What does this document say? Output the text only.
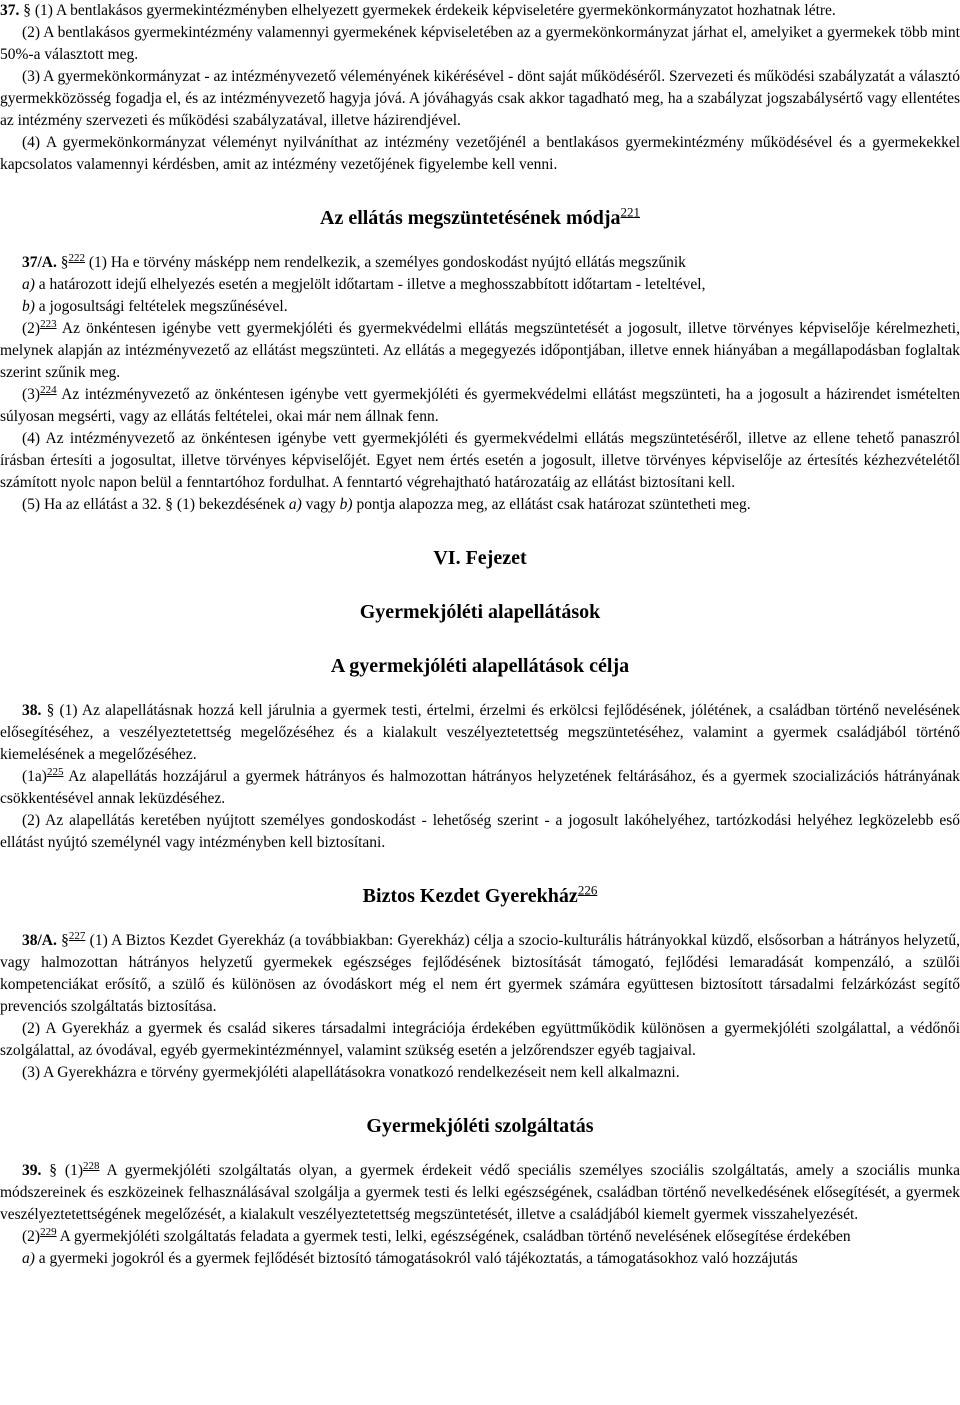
37. § (1) A bentlakásos gyermekintézményben elhelyezett gyermekek érdekeik képviseletére gyermekönkormányzatot hozhatnak létre.

(2) A bentlakásos gyermekintézmény valamennyi gyermekének képviseletében az a gyermekönkormányzat járhat el, amelyiket a gyermekek több mint 50%-a választott meg.

(3) A gyermekönkormányzat - az intézményvezető véleményének kikérésével - dönt saját működéséről. Szervezeti és működési szabályzatát a választó gyermekközösség fogadja el, és az intézményvezető hagyja jóvá. A jóváhagyás csak akkor tagadható meg, ha a szabályzat jogszabálysértő vagy ellentétes az intézmény szervezeti és működési szabályzatával, illetve házirendjével.

(4) A gyermekönkormányzat véleményt nyilváníthat az intézmény vezetőjénél a bentlakásos gyermekintézmény működésével és a gyermekekkel kapcsolatos valamennyi kérdésben, amit az intézmény vezetőjének figyelembe kell venni.

Az ellátás megszüntetésének módja$^{221}$

37/A. §$^{222}$ (1) Ha e törvény másképp nem rendelkezik, a személyes gondoskodást nyújtó ellátás megszűnik

a) a határozott idejű elhelyezés esetén a megjelölt időtartam - illetve a meghosszabbított időtartam - leteltével,

b) a jogosultsági feltételek megszűnésével.

$(2)^{223}$ Az önkéntesen igénybe vett gyermekjóléti és gyermekvédelmi ellátás megszüntetését a jogosult, illetve törvényes képviselője kérelmezheti, melynek alapján az intézményvezető az ellátást megszünteti. Az ellátás a megegyezés időpontjában, illetve ennek hiányában a megállapodásban foglaltak szerint szűnik meg.

$(3)^{224}$ Az intézményvezető az önkéntesen igénybe vett gyermekjóléti és gyermekvédelmi ellátást megszünteti, ha a jogosult a házirendet ismételten súlyosan megsérti, vagy az ellátás feltételei, okai már nem állnak fenn.

(4) Az intézményvezető az önkéntesen igénybe vett gyermekjóléti és gyermekvédelmi ellátás megszüntetéséről, illetve az ellene tehető panaszról írásban értesíti a jogosultat, illetve törvényes képviselőjét. Egyet nem értés esetén a jogosult, illetve törvényes képviselője az értesítés kézhezvételétől számított nyolc napon belül a fenntartóhoz fordulhat. A fenntartó végrehajtható határozatáig az ellátást biztosítani kell.

(5) Ha az ellátást a 32. § (1) bekezdésének a) vagy b) pontja alapozza meg, az ellátást csak határozat szüntetheti meg.

VI. Fejezet

Gyermekjóléti alapellátások

A gyermekjóléti alapellátások célja

38. § (1) Az alapellátásnak hozzá kell járulnia a gyermek testi, értelmi, érzelmi és erkölcsi fejlődésének, jólétének, a családban történő nevelésének elősegítéséhez, a veszélyeztetettség megelőzéséhez és a kialakult veszélyeztetettség megszüntetéséhez, valamint a gyermek családjából történő kiemelésének a megelőzéséhez.

$(1a)^{225}$ Az alapellátás hozzájárul a gyermek hátrányos és halmozottan hátrányos helyzetének feltárásához, és a gyermek szocializációs hátrányának csökkentésével annak leküzdéséhez.

(2) Az alapellátás keretében nyújtott személyes gondoskodást - lehetőség szerint - a jogosult lakóhelyéhez, tartózkodási helyéhez legközelebb eső ellátást nyújtó személynél vagy intézményben kell biztosítani.

Biztos Kezdet Gyerekház$^{226}$

38/A. §$^{227}$ (1) A Biztos Kezdet Gyerekház (a továbbiakban: Gyerekház) célja a szocio-kulturális hátrányokkal küzdő, elsősorban a hátrányos helyzetű, vagy halmozottan hátrányos helyzetű gyermekek egészséges fejlődésének biztosítását támogató, fejlődési lemaradását kompenzáló, a szülői kompetenciákat erősítő, a szülő és különösen az óvodáskort még el nem ért gyermek számára együttesen biztosított társadalmi felzárkózást segítő prevenciós szolgáltatás biztosítása.

(2) A Gyerekház a gyermek és család sikeres társadalmi integrációja érdekében együttműködik különösen a gyermekjóléti szolgálattal, a védőnői szolgálattal, az óvodával, egyéb gyermekintézménnyel, valamint szükség esetén a jelzőrendszer egyéb tagjaival.

(3) A Gyerekházra e törvény gyermekjóléti alapellátásokra vonatkozó rendelkezéseit nem kell alkalmazni.

Gyermekjóléti szolgáltatás

39. § $(1)^{228}$ A gyermekjóléti szolgáltatás olyan, a gyermek érdekeit védő speciális személyes szociális szolgáltatás, amely a szociális munka módszereinek és eszközeinek felhasználásával szolgálja a gyermek testi és lelki egészségének, családban történő nevelkedésének elősegítését, a gyermek veszélyeztetettségének megelőzését, a kialakult veszélyeztetettség megszüntetését, illetve a családjából kiemelt gyermek visszahelyezését.

$(2)^{229}$ A gyermekjóléti szolgáltatás feladata a gyermek testi, lelki, egészségének, családban történő nevelésének elősegítése érdekében

a) a gyermeki jogokról és a gyermek fejlődését biztosító támogatásokról való tájékoztatás, a támogatásokhoz való hozzájutás
